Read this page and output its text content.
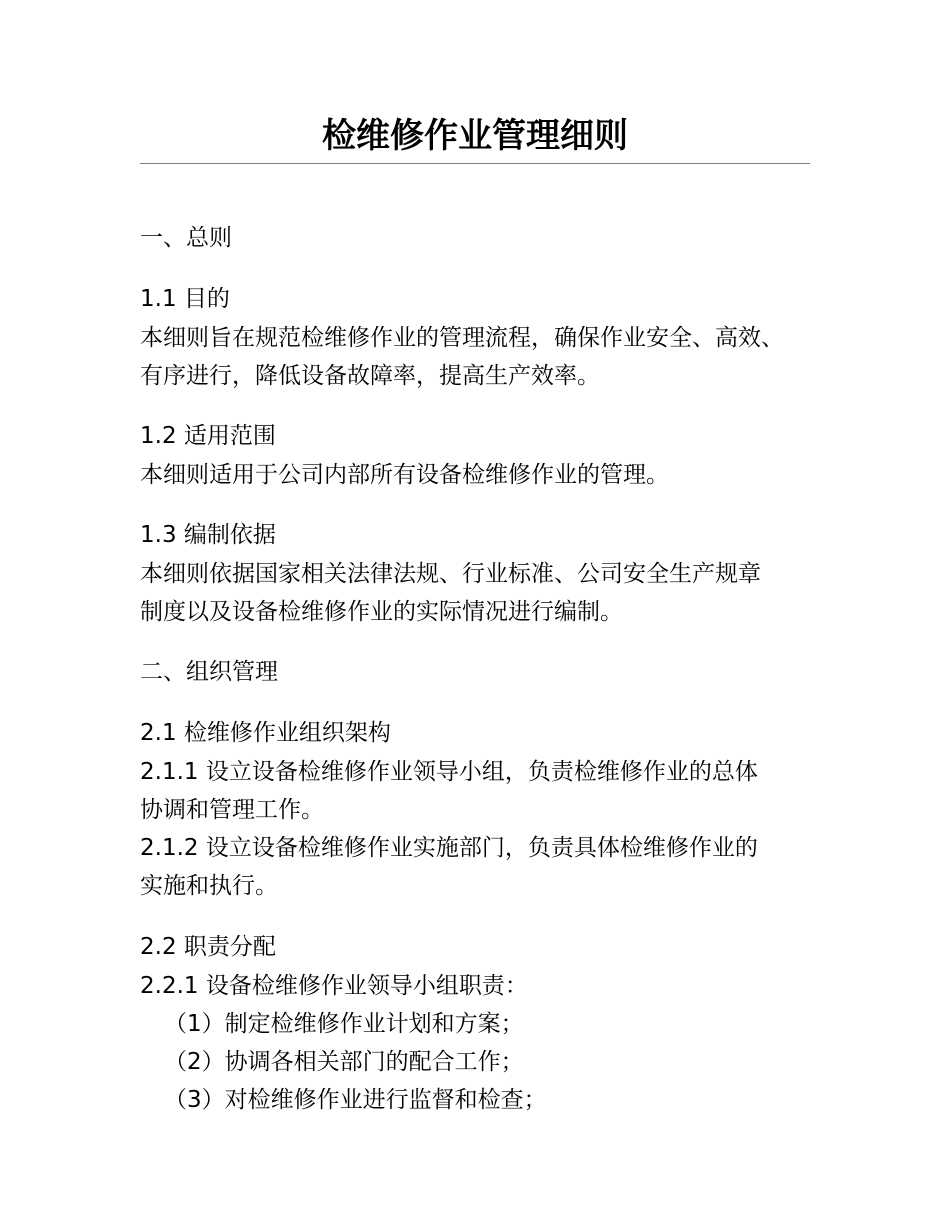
检维修作业管理细则
一、总则
1.1 目的
本细则旨在规范检维修作业的管理流程，确保作业安全、高效、
有序进行，降低设备故障率，提高生产效率。
1.2 适用范围
本细则适用于公司内部所有设备检维修作业的管理。
1.3 编制依据
本细则依据国家相关法律法规、行业标准、公司安全生产规章
制度以及设备检维修作业的实际情况进行编制。
二、组织管理
2.1 检维修作业组织架构
2.1.1 设立设备检维修作业领导小组，负责检维修作业的总体
协调和管理工作。
2.1.2 设立设备检维修作业实施部门，负责具体检维修作业的
实施和执行。
2.2 职责分配
2.2.1 设备检维修作业领导小组职责：
（1）制定检维修作业计划和方案；
（2）协调各相关部门的配合工作；
（3）对检维修作业进行监督和检查；
